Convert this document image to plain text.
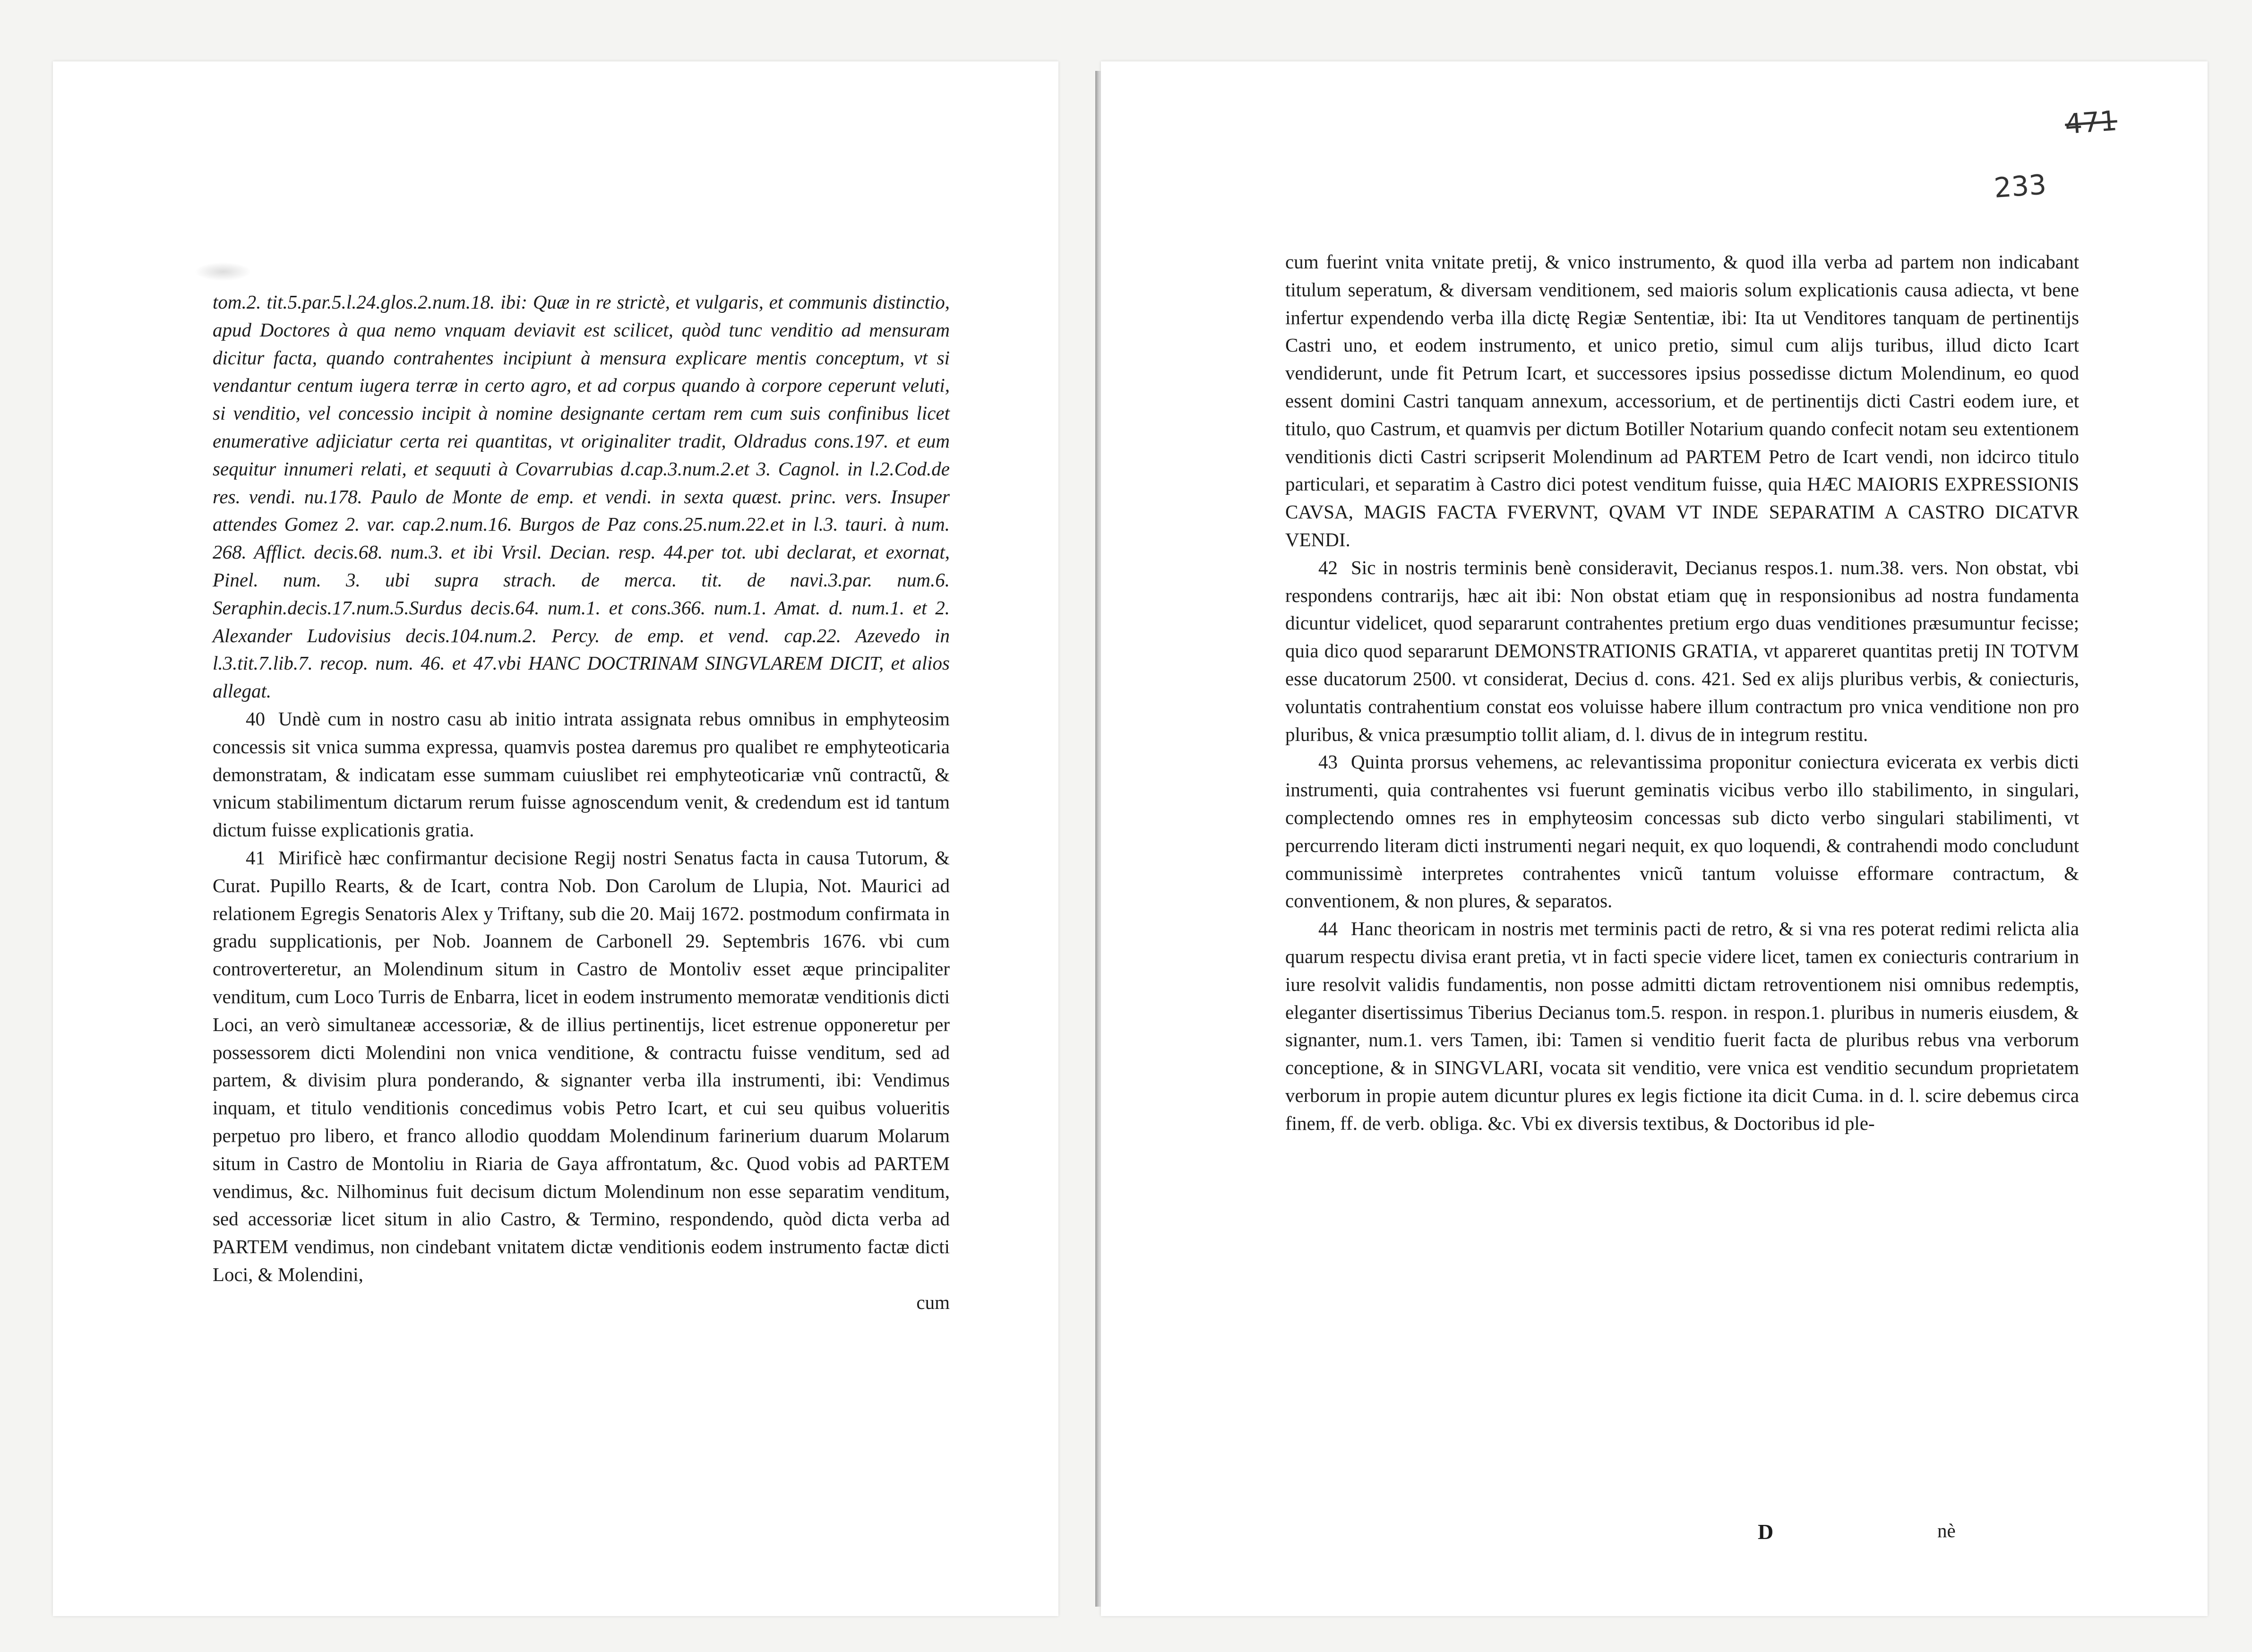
tom.2. tit.5.par.5.l.24.glos.2.num.18. ibi: Quæ in re strictè, et vulgaris, et communis distinctio, apud Doctores à qua nemo vnquam deviavit est scilicet, quòd tunc venditio ad mensuram dicitur facta, quando contrahentes incipiunt à mensura explicare mentis conceptum, vt si vendantur centum iugera terræ in certo agro, et ad corpus quando à corpore ceperunt veluti, si venditio, vel concessio incipit à nomine designante certam rem cum suis confinibus licet enumerative adjiciatur certa rei quantitas, vt originaliter tradit, Oldradus cons.197. et eum sequitur innumeri relati, et sequuti à Covarrubias d.cap.3.num.2.et 3. Cagnol. in l.2.Cod.de res. vendi. nu.178. Paulo de Monte de emp. et vendi. in sexta quæst. princ. vers. Insuper attendes Gomez 2. var. cap.2.num.16. Burgos de Paz cons.25.num.22.et in l.3. tauri. à num. 268. Afflict. decis.68. num.3. et ibi Vrsil. Decian. resp. 44.per tot. ubi declarat, et exornat, Pinel. num. 3. ubi supra strach. de merca. tit. de navi.3.par. num.6. Seraphin.decis.17.num.5.Surdus decis.64. num.1. et cons.366. num.1. Amat. d. num.1. et 2. Alexander Ludovisius decis.104.num.2. Percy. de emp. et vend. cap.22. Azevedo in l.3.tit.7.lib.7. recop. num. 46. et 47.vbi HANC DOCTRINAM SINGVLAREM DICIT, et alios allegat.

40 Undè cum in nostro casu ab initio intrata assignata rebus omnibus in emphyteosim concessis sit vnica summa expressa, quamvis postea daremus pro qualibet re emphyteoticaria demonstratam, & indicatam esse summam cuiuslibet rei emphyteoticariæ vnũ contractũ, & vnicum stabilimentum dictarum rerum fuisse agnoscendum venit, & credendum est id tantum dictum fuisse explicationis gratia.

41 Mirificè hæc confirmantur decisione Regij nostri Senatus facta in causa Tutorum, & Curat. Pupillo Rearts, & de Icart, contra Nob. Don Carolum de Llupia, Not. Maurici ad relationem Egregis Senatoris Alex y Triftany, sub die 20. Maij 1672. postmodum confirmata in gradu supplicationis, per Nob. Joannem de Carbonell 29. Septembris 1676. vbi cum controverteretur, an Molendinum situm in Castro de Montoliv esset æque principaliter venditum, cum Loco Turris de Enbarra, licet in eodem instrumento memoratæ venditionis dicti Loci, an verò simultaneæ accessoriæ, & de illius pertinentijs, licet estrenue opponeretur per possessorem dicti Molendini non vnica venditione, & contractu fuisse venditum, sed ad partem, & divisim plura ponderando, & signanter verba illa instrumenti, ibi: Vendimus inquam, et titulo venditionis concedimus vobis Petro Icart, et cui seu quibus volueritis perpetuo pro libero, et franco allodio quoddam Molendinum farinerium duarum Molarum situm in Castro de Montoliu in Riaria de Gaya affrontatum, &c. Quod vobis ad PARTEM vendimus, &c. Nilhominus fuit decisum dictum Molendinum non esse separatim venditum, sed accessoriæ licet situm in alio Castro, & Termino, respondendo, quòd dicta verba ad PARTEM vendimus, non cindebant vnitatem dictæ venditionis eodem instrumento factæ dicti Loci, & Molendini,

cum

471
233

cum fuerint vnita vnitate pretij, & vnico instrumento, & quod illa verba ad partem non indicabant titulum seperatum, & diversam venditionem, sed maioris solum explicationis causa adiecta, vt bene infertur expendendo verba illa dictę Regiæ Sententiæ, ibi: Ita ut Venditores tanquam de pertinentijs Castri uno, et eodem instrumento, et unico pretio, simul cum alijs turibus, illud dicto Icart vendiderunt, unde fit Petrum Icart, et successores ipsius possedisse dictum Molendinum, eo quod essent domini Castri tanquam annexum, accessorium, et de pertinentijs dicti Castri eodem iure, et titulo, quo Castrum, et quamvis per dictum Botiller Notarium quando confecit notam seu extentionem venditionis dicti Castri scripserit Molendinum ad PARTEM Petro de Icart vendi, non idcirco titulo particulari, et separatim à Castro dici potest venditum fuisse, quia HÆC MAIORIS EXPRESSIONIS CAVSA, MAGIS FACTA FVERVNT, QVAM VT INDE SEPARATIM A CASTRO DICATVR VENDI.

42 Sic in nostris terminis benè consideravit, Decianus respos.1. num.38. vers. Non obstat, vbi respondens contrarijs, hæc ait ibi: Non obstat etiam quę in responsionibus ad nostra fundamenta dicuntur videlicet, quod separarunt contrahentes pretium ergo duas venditiones præsumuntur fecisse; quia dico quod separarunt DEMONSTRATIONIS GRATIA, vt appareret quantitas pretij IN TOTVM esse ducatorum 2500. vt considerat, Decius d. cons. 421. Sed ex alijs pluribus verbis, & coniecturis, voluntatis contrahentium constat eos voluisse habere illum contractum pro vnica venditione non pro pluribus, & vnica præsumptio tollit aliam, d. l. divus de in integrum restitu.

43 Quinta prorsus vehemens, ac relevantissima proponitur coniectura evicerata ex verbis dicti instrumenti, quia contrahentes vsi fuerunt geminatis vicibus verbo illo stabilimento, in singulari, complectendo omnes res in emphyteosim concessas sub dicto verbo singulari stabilimenti, vt percurrendo literam dicti instrumenti negari nequit, ex quo loquendi, & contrahendi modo concludunt communissimè interpretes contrahentes vnicũ tantum voluisse efformare contractum, & conventionem, & non plures, & separatos.

44 Hanc theoricam in nostris met terminis pacti de retro, & si vna res poterat redimi relicta alia quarum respectu divisa erant pretia, vt in facti specie videre licet, tamen ex coniecturis contrarium in iure resolvit validis fundamentis, non posse admitti dictam retroventionem nisi omnibus redemptis, eleganter disertissimus Tiberius Decianus tom.5. respon. in respon.1. pluribus in numeris eiusdem, & signanter, num.1. vers Tamen, ibi: Tamen si venditio fuerit facta de pluribus rebus vna verborum conceptione, & in SINGVLARI, vocata sit venditio, vere vnica est venditio secundum proprietatem verborum in propie autem dicuntur plures ex legis fictione ita dicit Cuma. in d. l. scire debemus circa finem, ff. de verb. obliga. &c. Vbi ex diversis textibus, & Doctoribus id ple-

D	nè
